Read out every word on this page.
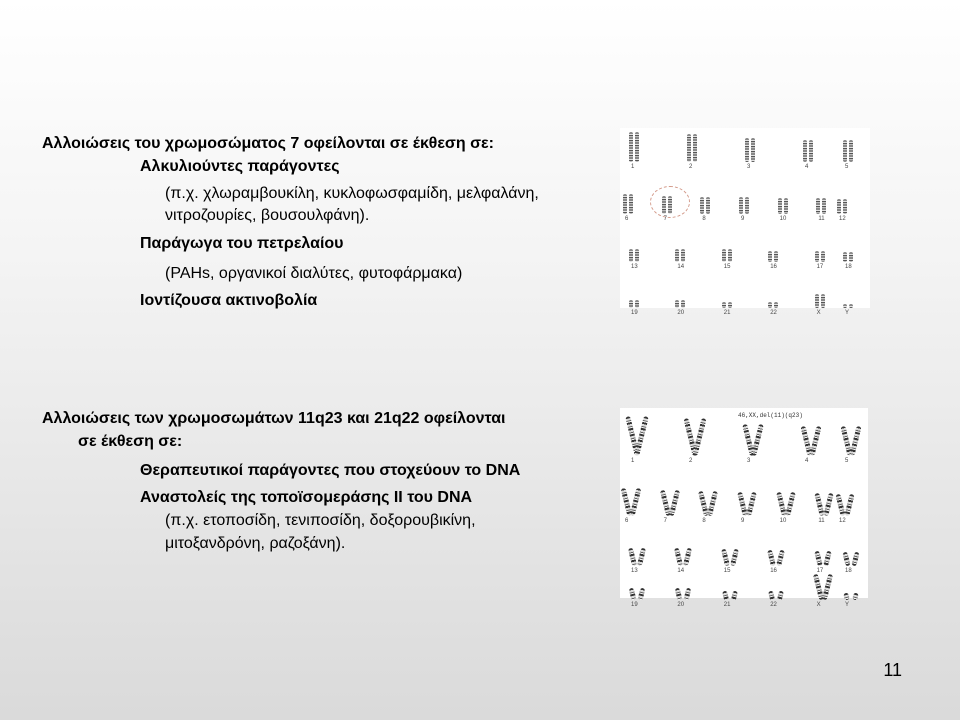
Αλλοιώσεις του χρωμοσώματος 7 οφείλονται σε έκθεση σε:
Αλκυλιούντες παράγοντες
(π.χ. χλωραμβουκίλη, κυκλοφωσφαμίδη, μελφαλάνη,
νιτροζουρίες, βουσουλφάνη).
Παράγωγα του πετρελαίου
(PAHs, οργανικοί διαλύτες, φυτοφάρμακα)
Ιοντίζουσα ακτινοβολία
1	2	3	4	5
6	7	8	9	10	11 12
13	14	15	16	17	18
19	20	21	22	X	Y
Αλλοιώσεις των χρωμοσωμάτων 11q23 και 21q22 οφείλονται
σε έκθεση σε:
Θεραπευτικοί παράγοντες που στοχεύουν το DNA
Αναστολείς της τοποϊσομεράσης II του DNA
(π.χ. ετοποσίδη, τενιποσίδη, δοξορουβικίνη,
μιτοξανδρόνη, ραζοξάνη).
46,XX,del(11)(q23)
1	2	3	4	5
6	7	8	9	10	11 12
13	14	15	16	17	18
19	20	21	22	X	Y
11
